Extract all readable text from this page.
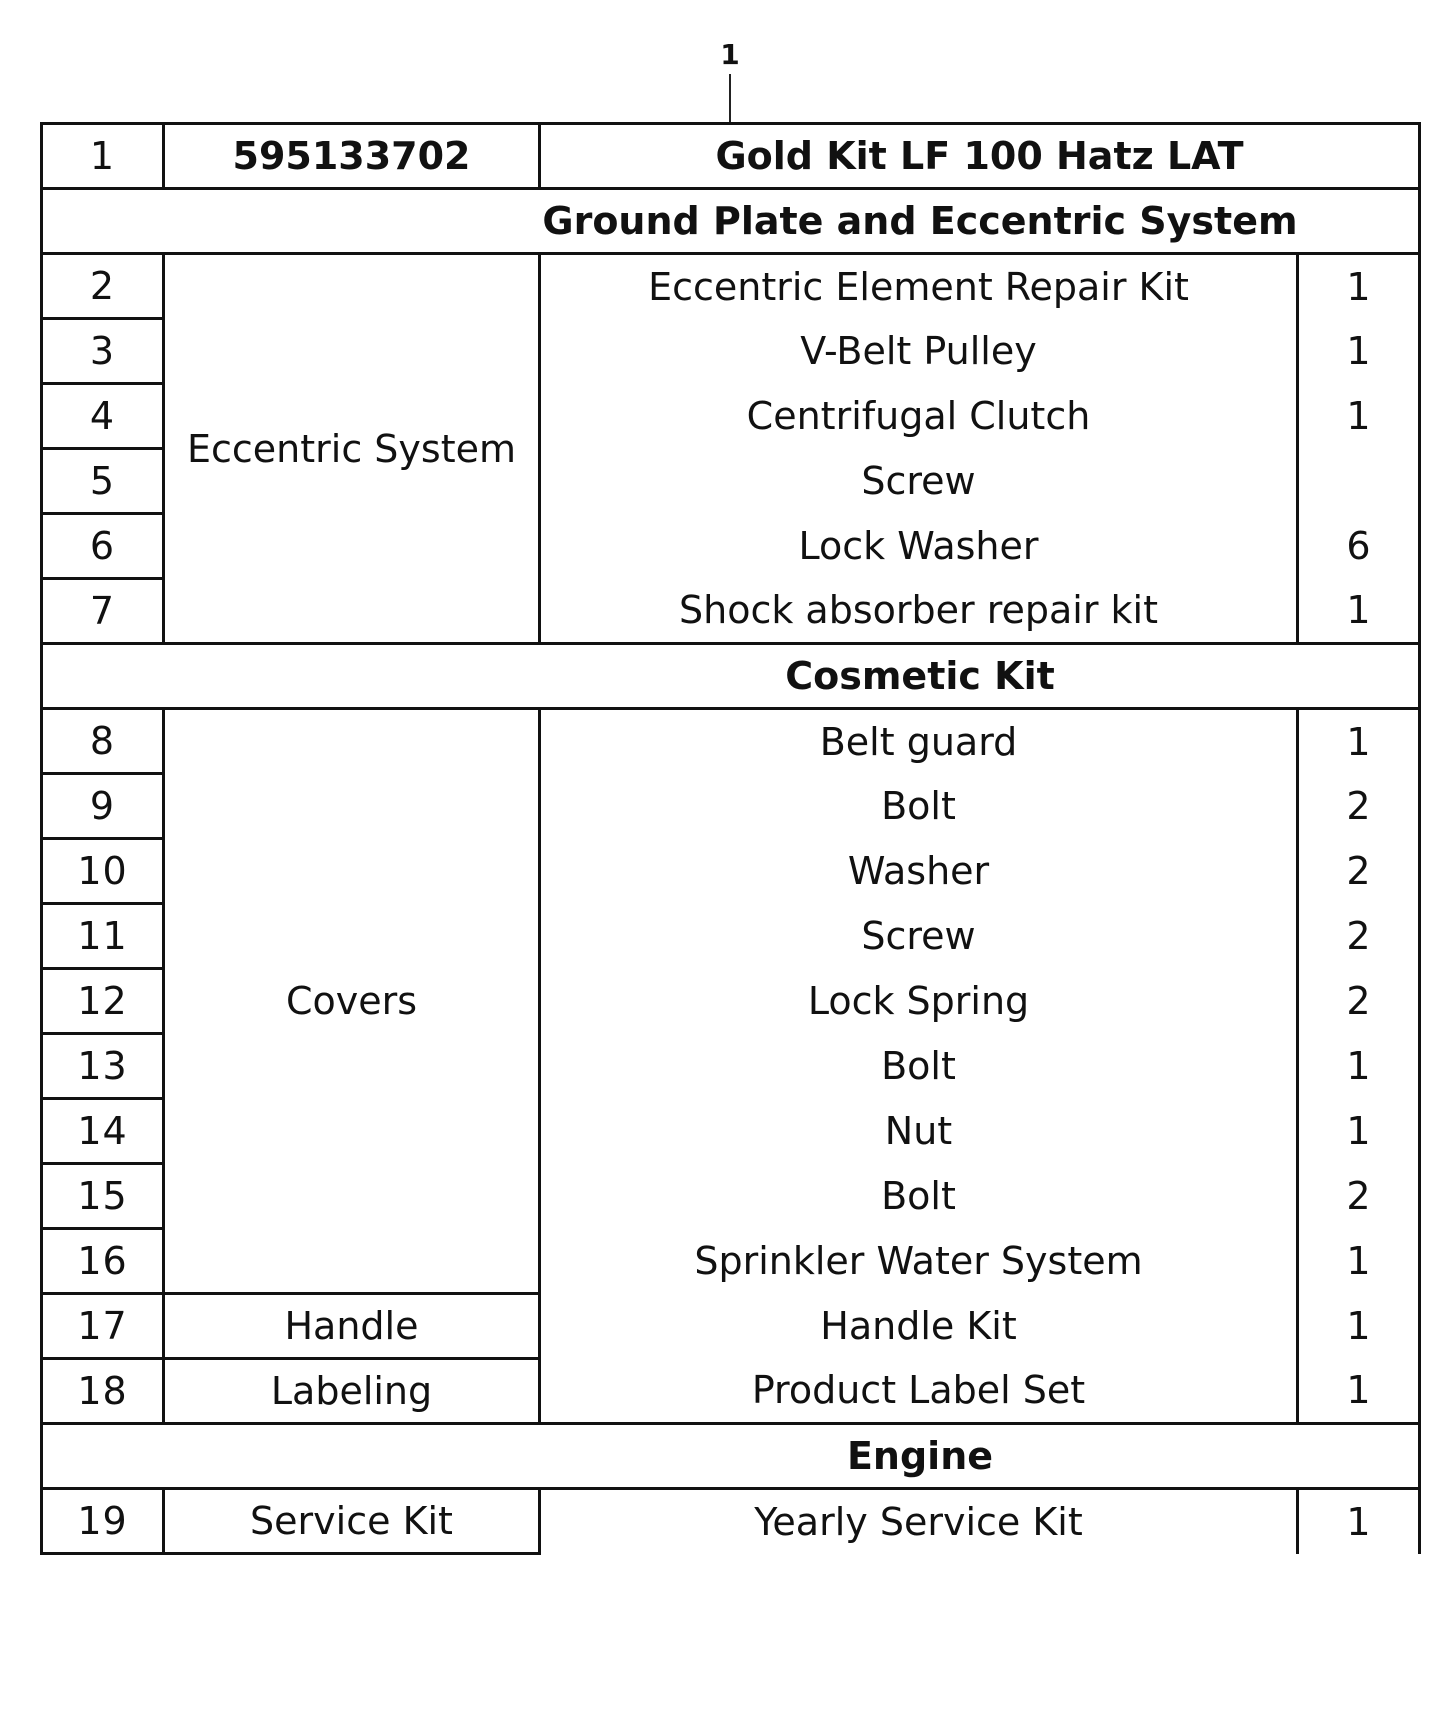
1
1	595133702	Gold Kit LF 100 Hatz LAT	
Ground Plate and Eccentric System			
2	Eccentric System	Eccentric Element Repair Kit	1
3		V-Belt Pulley	1
4		Centrifugal Clutch	1
5		Screw	
6		Lock Washer	6
7		Shock absorber repair kit	1
Cosmetic Kit			
8	Covers	Belt guard	1
9		Bolt	2
10		Washer	2
11		Screw	2
12		Lock Spring	2
13		Bolt	1
14		Nut	1
15		Bolt	2
16		Sprinkler Water System	1
17	Handle	Handle Kit	1
18	Labeling	Product Label Set	1
Engine			
19	Service Kit	Yearly Service Kit	1
